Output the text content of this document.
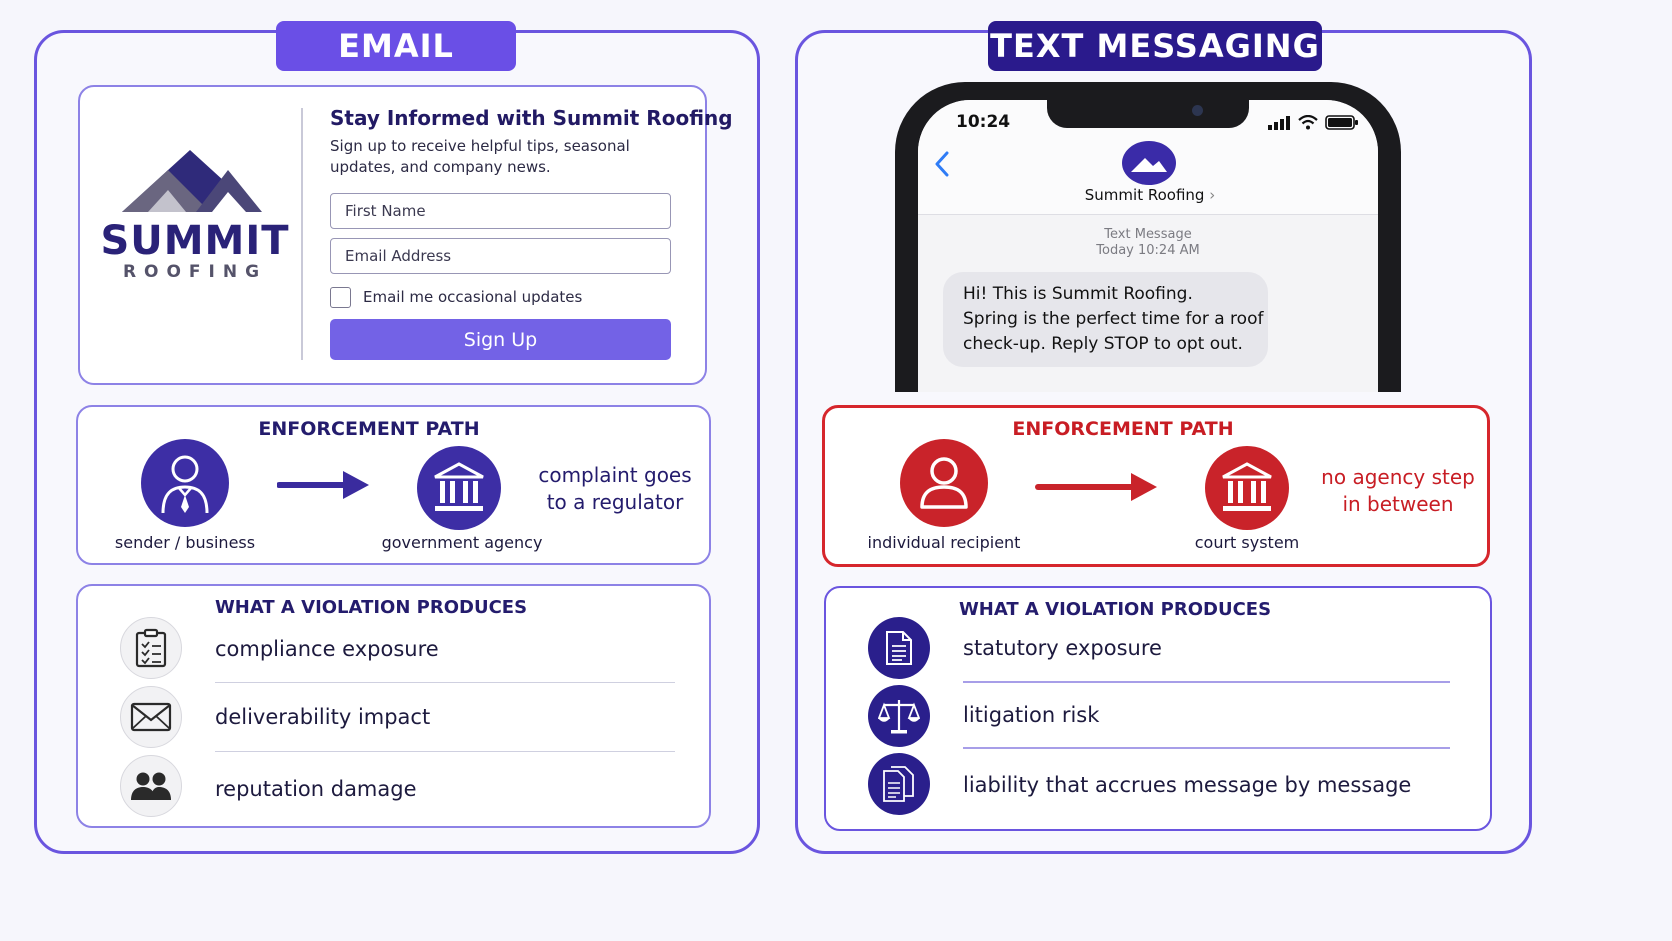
EMAIL
SUMMIT
ROOFING
Stay Informed with Summit Roofing
Sign up to receive helpful tips, seasonal updates, and company news.
First Name
Email Address
Email me occasional updates
Sign Up
ENFORCEMENT PATH
sender / business	government agency
complaint goes
to a regulator
WHAT A VIOLATION PRODUCES
compliance exposure
deliverability impact
reputation damage
TEXT MESSAGING
10:24
Summit Roofing ›
Text Message
Today 10:24 AM
Hi! This is Summit Roofing.
Spring is the perfect time for a roof
check-up. Reply STOP to opt out.
ENFORCEMENT PATH
individual recipient	court system
no agency step
in between
WHAT A VIOLATION PRODUCES
statutory exposure
litigation risk
liability that accrues message by message
